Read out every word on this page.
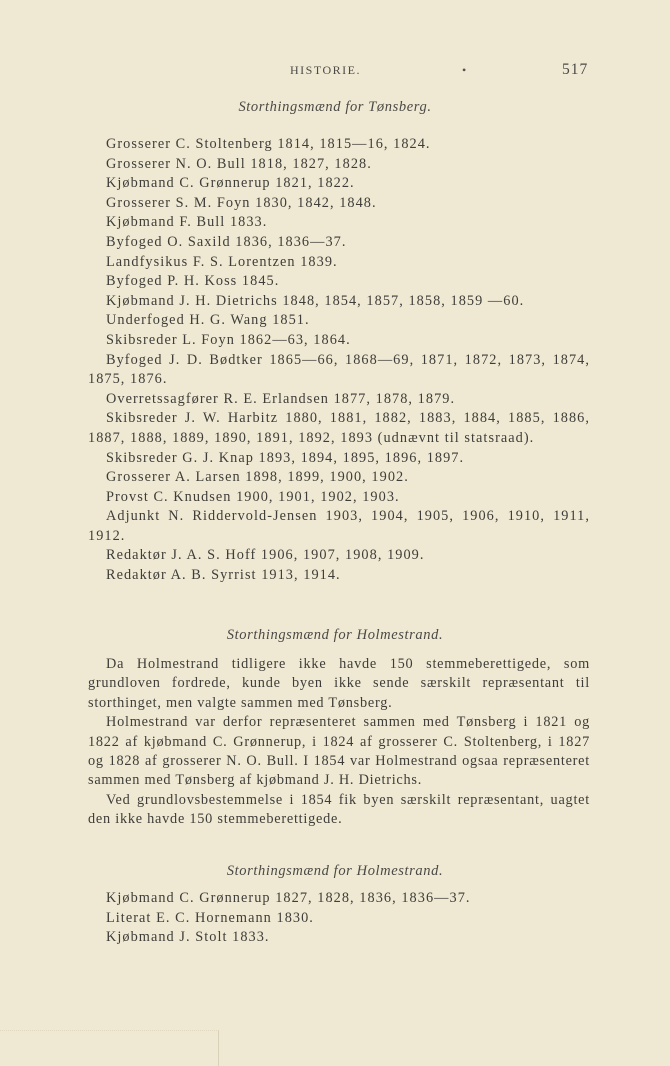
HISTORIE.	•	517
Storthingsmænd for Tønsberg.
Grosserer C. Stoltenberg 1814, 1815—16, 1824.
Grosserer N. O. Bull 1818, 1827, 1828.
Kjøbmand C. Grønnerup 1821, 1822.
Grosserer S. M. Foyn 1830, 1842, 1848.
Kjøbmand F. Bull 1833.
Byfoged O. Saxild 1836, 1836—37.
Landfysikus F. S. Lorentzen 1839.
Byfoged P. H. Koss 1845.
Kjøbmand J. H. Dietrichs 1848, 1854, 1857, 1858, 1859 —60.
Underfoged H. G. Wang 1851.
Skibsreder L. Foyn 1862—63, 1864.
Byfoged J. D. Bødtker 1865—66, 1868—69, 1871, 1872, 1873, 1874, 1875, 1876.
Overretssagfører R. E. Erlandsen 1877, 1878, 1879.
Skibsreder J. W. Harbitz 1880, 1881, 1882, 1883, 1884, 1885, 1886, 1887, 1888, 1889, 1890, 1891, 1892, 1893 (udnævnt til statsraad).
Skibsreder G. J. Knap 1893, 1894, 1895, 1896, 1897.
Grosserer A. Larsen 1898, 1899, 1900, 1902.
Provst C. Knudsen 1900, 1901, 1902, 1903.
Adjunkt N. Riddervold-Jensen 1903, 1904, 1905, 1906, 1910, 1911, 1912.
Redaktør J. A. S. Hoff 1906, 1907, 1908, 1909.
Redaktør A. B. Syrrist 1913, 1914.
Storthingsmænd for Holmestrand.

Da Holmestrand tidligere ikke havde 150 stemmeberettigede, som grundloven fordrede, kunde byen ikke sende særskilt repræsentant til storthinget, men valgte sammen med Tønsberg.

Holmestrand var derfor repræsenteret sammen med Tønsberg i 1821 og 1822 af kjøbmand C. Grønnerup, i 1824 af grosserer C. Stoltenberg, i 1827 og 1828 af grosserer N. O. Bull. I 1854 var Holmestrand ogsaa repræsenteret sammen med Tønsberg af kjøbmand J. H. Dietrichs.

Ved grundlovsbestemmelse i 1854 fik byen særskilt repræsentant, uagtet den ikke havde 150 stemmeberettigede.

Storthingsmænd for Holmestrand.
Kjøbmand C. Grønnerup 1827, 1828, 1836, 1836—37.
Literat E. C. Hornemann 1830.
Kjøbmand J. Stolt 1833.
